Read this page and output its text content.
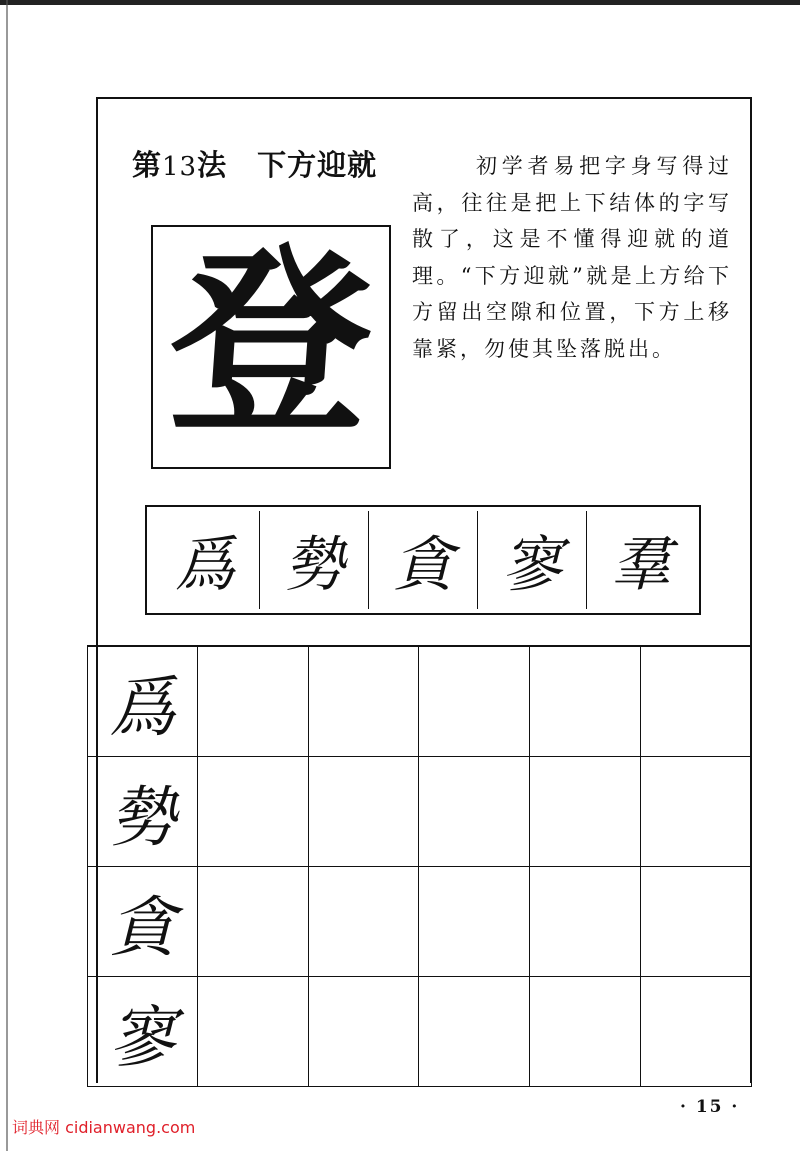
第13法 下方迎就	初学者易把字身写得过高，往往是把上下结体的字写散了，这是不懂得迎就的道理。“下方迎就”就是上方给下方留出空隙和位置，下方上移靠紧，勿使其坠落脱出。
登
爲 勢 貪 寥 羣
爲
勢
貪
寥
· 15 ·
词典网 cidianwang.com
